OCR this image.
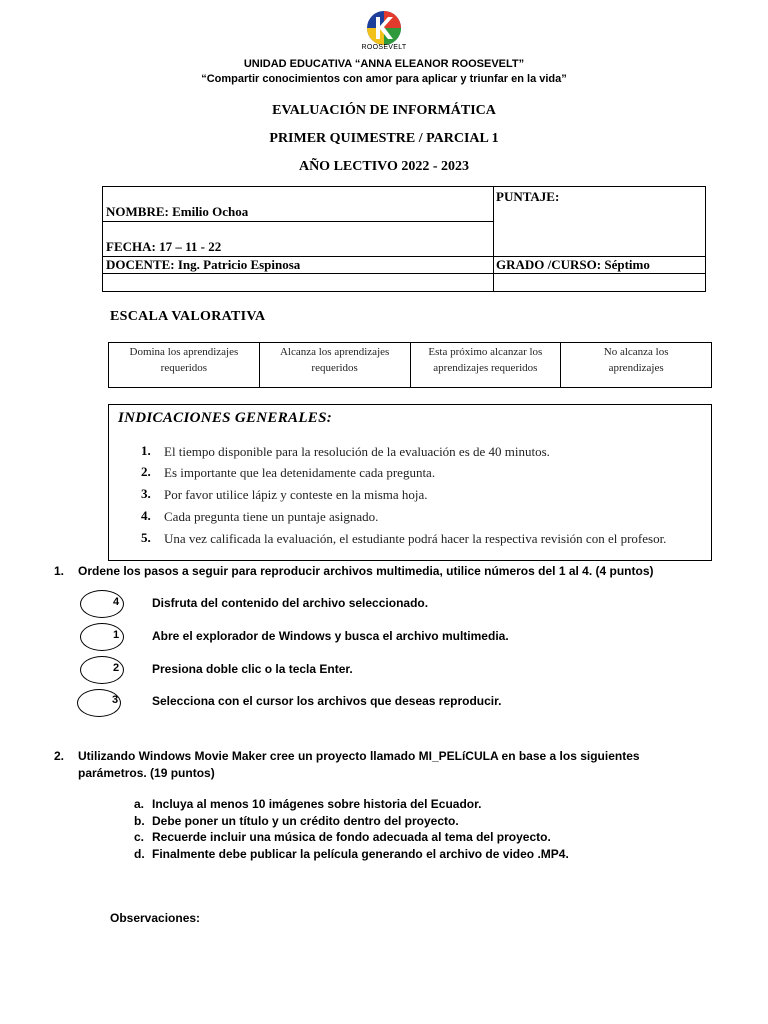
ROOSEVELT
UNIDAD EDUCATIVA “ANNA ELEANOR ROOSEVELT”
“Compartir conocimientos con amor para aplicar y triunfar en la vida”
EVALUACIÓN DE INFORMÁTICA
PRIMER QUIMESTRE / PARCIAL 1
AÑO LECTIVO 2022 - 2023
NOMBRE: Emilio Ochoa
FECHA: 17 – 11 - 22
DOCENTE: Ing. Patricio Espinosa
PUNTAJE:
GRADO /CURSO: Séptimo
ESCALA VALORATIVA
Domina los aprendizajes
requeridos
Alcanza los aprendizajes
requeridos
Esta próximo alcanzar los
aprendizajes requeridos
No alcanza los
aprendizajes
INDICACIONES GENERALES:
1. El tiempo disponible para la resolución de la evaluación es de 40 minutos.
2. Es importante que lea detenidamente cada pregunta.
3. Por favor utilice lápiz y conteste en la misma hoja.
4. Cada pregunta tiene un puntaje asignado.
5. Una vez calificada la evaluación, el estudiante podrá hacer la respectiva revisión con el profesor.
1. Ordene los pasos a seguir para reproducir archivos multimedia, utilice números del 1 al 4. (4 puntos)
4	Disfruta del contenido del archivo seleccionado.
1	Abre el explorador de Windows y busca el archivo multimedia.
2	Presiona doble clic o la tecla Enter.
3	Selecciona con el cursor los archivos que deseas reproducir.
2. Utilizando Windows Movie Maker cree un proyecto llamado MI_PELíCULA en base a los siguientes
parámetros. (19 puntos)
a. Incluya al menos 10 imágenes sobre historia del Ecuador.
b. Debe poner un título y un crédito dentro del proyecto.
c. Recuerde incluir una música de fondo adecuada al tema del proyecto.
d. Finalmente debe publicar la película generando el archivo de video .MP4.
Observaciones:
